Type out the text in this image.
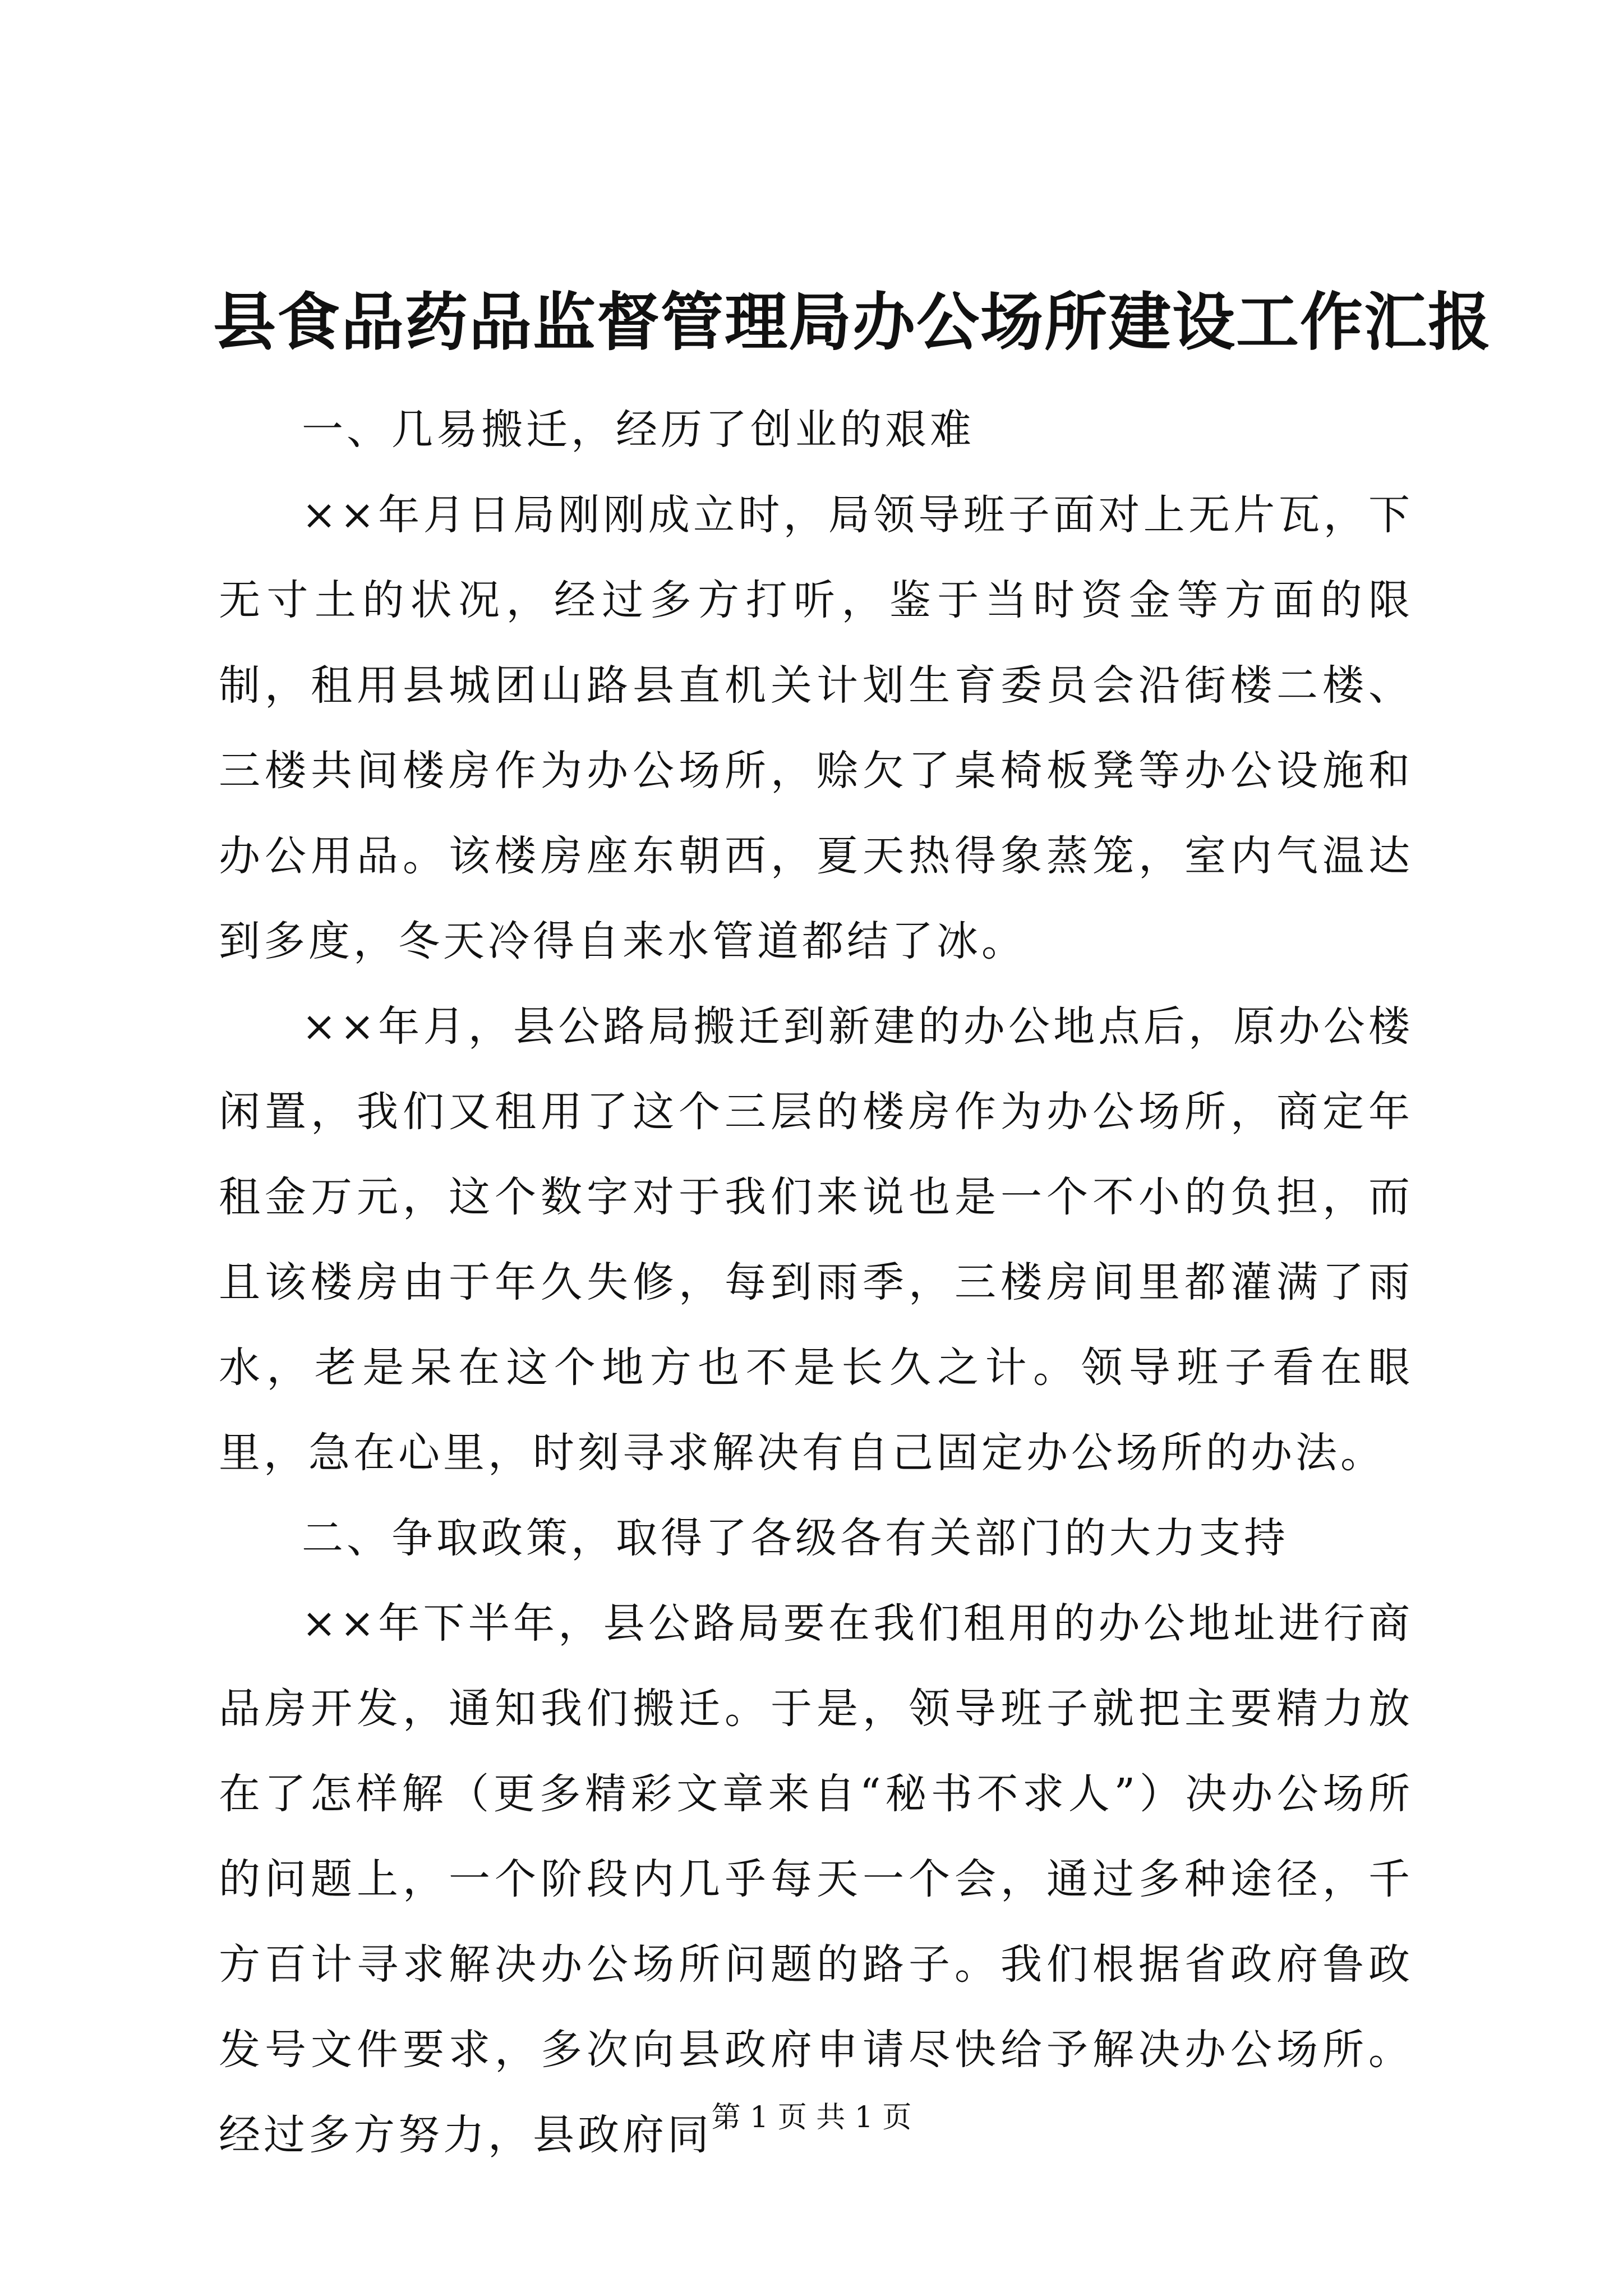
县食品药品监督管理局办公场所建设工作汇报

一、几易搬迁，经历了创业的艰难

××年月日局刚刚成立时，局领导班子面对上无片瓦，下无寸土的状况，经过多方打听，鉴于当时资金等方面的限制，租用县城团山路县直机关计划生育委员会沿街楼二楼、三楼共间楼房作为办公场所，赊欠了桌椅板凳等办公设施和办公用品。该楼房座东朝西，夏天热得象蒸笼，室内气温达到多度，冬天冷得自来水管道都结了冰。

××年月，县公路局搬迁到新建的办公地点后，原办公楼闲置，我们又租用了这个三层的楼房作为办公场所，商定年租金万元，这个数字对于我们来说也是一个不小的负担，而且该楼房由于年久失修，每到雨季，三楼房间里都灌满了雨水，老是呆在这个地方也不是长久之计。领导班子看在眼里，急在心里，时刻寻求解决有自己固定办公场所的办法。

二、争取政策，取得了各级各有关部门的大力支持

××年下半年，县公路局要在我们租用的办公地址进行商品房开发，通知我们搬迁。于是，领导班子就把主要精力放在了怎样解（更多精彩文章来自“秘书不求人”）决办公场所的问题上，一个阶段内几乎每天一个会，通过多种途径，千方百计寻求解决办公场所问题的路子。我们根据省政府鲁政发号文件要求，多次向县政府申请尽快给予解决办公场所。经过多方努力，县政府同

第 1 页 共 1 页
